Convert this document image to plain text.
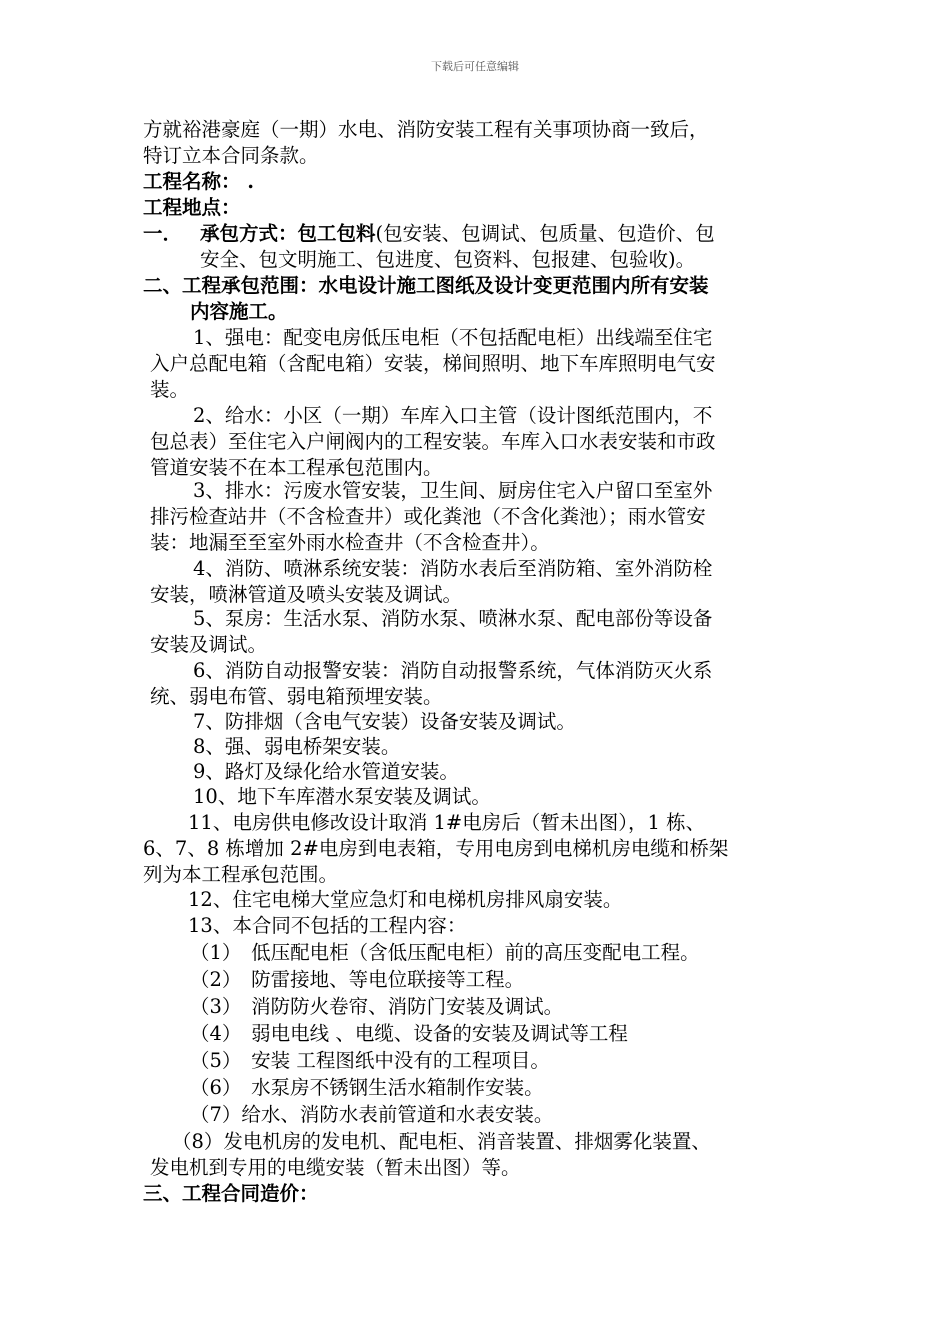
下载后可任意编辑
方就裕港豪庭（一期）水电、消防安装工程有关事项协商一致后，
特订立本合同条款。
工程名称： .
工程地点：
一． 承包方式：包工包料(包安装、包调试、包质量、包造价、包
安全、包文明施工、包进度、包资料、包报建、包验收)。
二、工程承包范围：水电设计施工图纸及设计变更范围内所有安装
内容施工。
1、强电：配变电房低压电柜（不包括配电柜）出线端至住宅
入户总配电箱（含配电箱）安装，梯间照明、地下车库照明电气安
装。
2、给水：小区（一期）车库入口主管（设计图纸范围内，不
包总表）至住宅入户闸阀内的工程安装。车库入口水表安装和市政
管道安装不在本工程承包范围内。
3、排水：污废水管安装，卫生间、厨房住宅入户留口至室外
排污检查站井（不含检查井）或化粪池（不含化粪池）；雨水管安
装：地漏至至室外雨水检查井（不含检查井）。
4、消防、喷淋系统安装：消防水表后至消防箱、室外消防栓
安装，喷淋管道及喷头安装及调试。
5、泵房：生活水泵、消防水泵、喷淋水泵、配电部份等设备
安装及调试。
6、消防自动报警安装：消防自动报警系统，气体消防灭火系
统、弱电布管、弱电箱预埋安装。
7、防排烟（含电气安装）设备安装及调试。
8、强、弱电桥架安装。
9、路灯及绿化给水管道安装。
10、地下车库潜水泵安装及调试。
11、电房供电修改设计取消 1#电房后（暂未出图），1 栋、
6、7、8 栋增加 2#电房到电表箱，专用电房到电梯机房电缆和桥架
列为本工程承包范围。
12、住宅电梯大堂应急灯和电梯机房排风扇安装。
13、本合同不包括的工程内容：
（1）　低压配电柜（含低压配电柜）前的高压变配电工程。
（2）　防雷接地、等电位联接等工程。
（3）　消防防火卷帘、消防门安装及调试。
（4）　弱电电线 、电缆、设备的安装及调试等工程
（5）　安装 工程图纸中没有的工程项目。
（6）　水泵房不锈钢生活水箱制作安装。
（7）给水、消防水表前管道和水表安装。
（8）发电机房的发电机、配电柜、消音装置、排烟雾化装置、
发电机到专用的电缆安装（暂未出图）等。
三、工程合同造价：
